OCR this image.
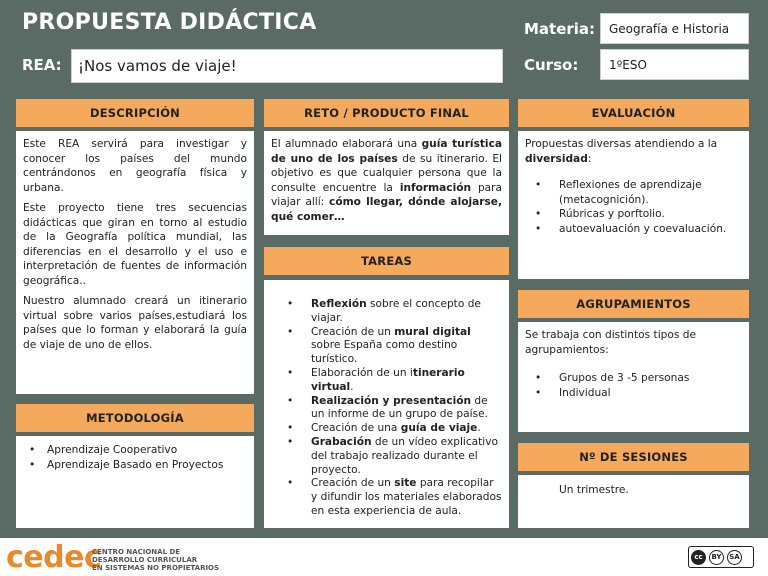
PROPUESTA DIDÁCTICA
REA:	¡Nos vamos de viaje!
Materia:	Geografía e Historia
Curso:	1ºESO
DESCRIPCIÓN

Este REA servirá para investigar y conocer los países del mundo centrándonos en geografía física y urbana.

Este proyecto tiene tres secuencias didácticas que giran en torno al estudio de la Geografía política mundial, las diferencias en el desarrollo y el uso e interpretación de fuentes de información geográfica..

Nuestro alumnado creará un itinerario virtual sobre varios países,estudiará los países que lo forman y elaborará la guía de viaje de uno de ellos.

METODOLOGÍA
• Aprendizaje Cooperativo
• Aprendizaje Basado en Proyectos
RETO / PRODUCTO FINAL
El alumnado elaborará una guía turística de uno de los países de su itinerario. El objetivo es que cualquier persona que la consulte encuentre la información para viajar allí: cómo llegar, dónde alojarse, qué comer…
TAREAS
• Reflexión sobre el concepto de viajar.
• Creación de un mural digital sobre España como destino turístico.
• Elaboración de un itinerario virtual.
• Realización y presentación de un informe de un grupo de paíse.
• Creación de una guía de viaje.
• Grabación de un vídeo explicativo del trabajo realizado durante el proyecto.
• Creación de un site para recopilar y difundir los materiales elaborados en esta experiencia de aula.
EVALUACIÓN

Propuestas diversas atendiendo a la diversidad:

• Reflexiones de aprendizaje (metacognición).
• Rúbricas y porftolio.
• autoevaluación y coevaluación.
AGRUPAMIENTOS

Se trabaja con distintos tipos de agrupamientos:

• Grupos de 3 -5 personas
• Individual
Nº DE SESIONES
Un trimestre.
cedec
CENTRO NACIONAL DE
DESARROLLO CURRICULAR
EN SISTEMAS NO PROPIETARIOS
cc	BY	SA
